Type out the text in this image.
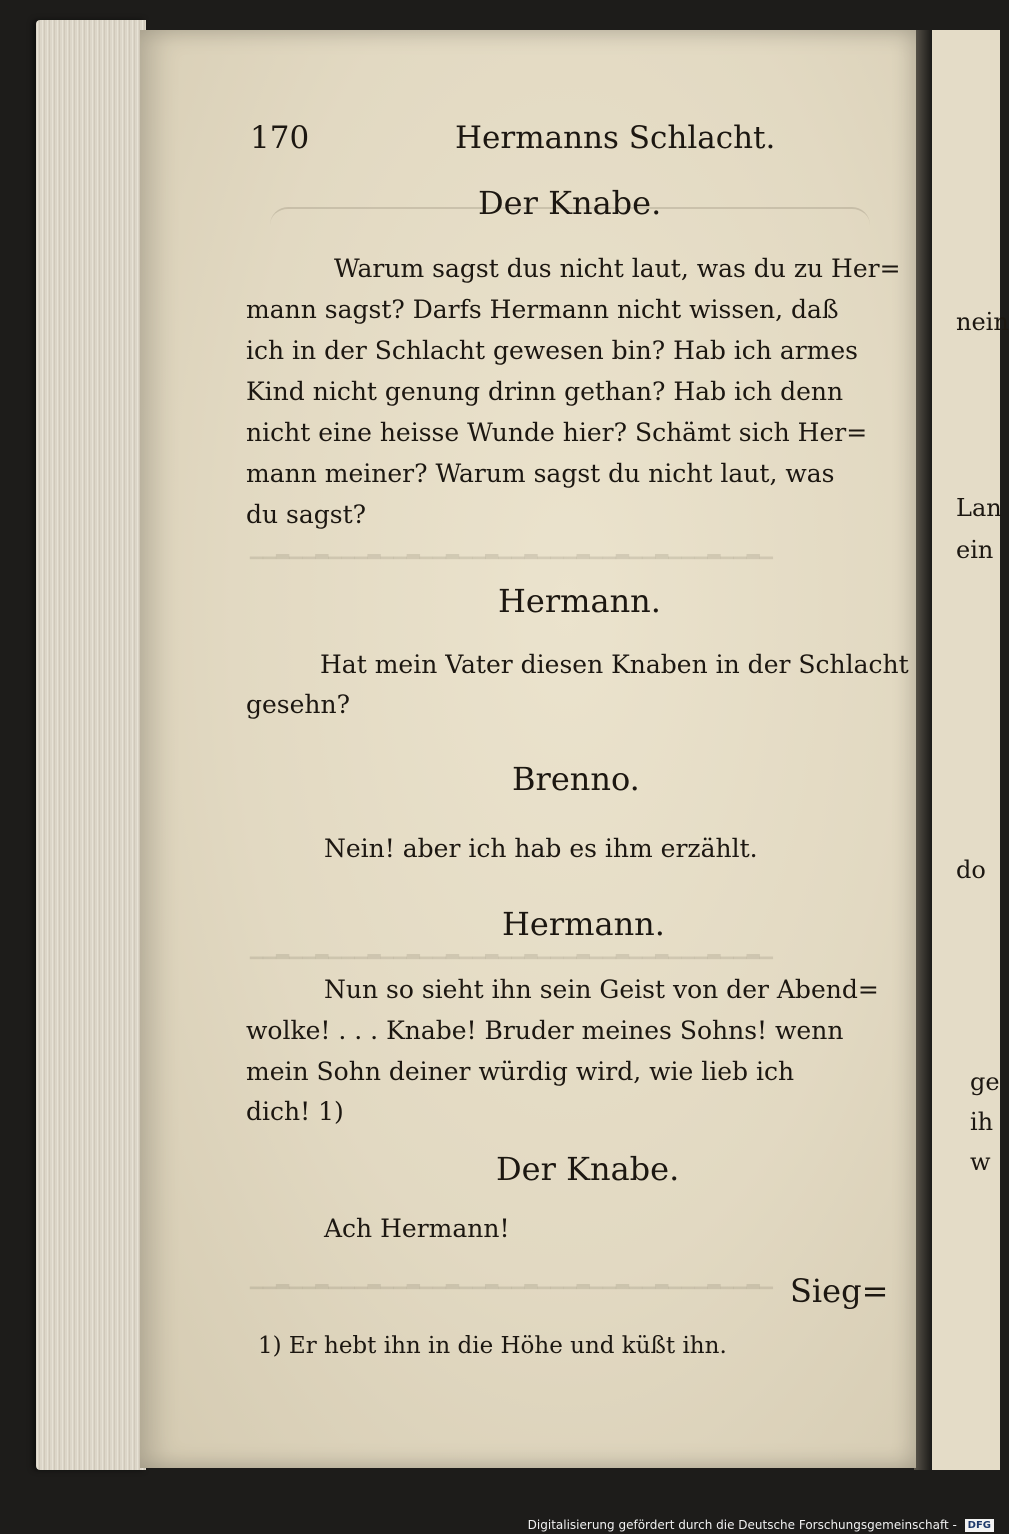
nein
Lan
ein
do
ge
ih
w
▁▂▁▁▂▁▁▁▂▁▁▂▁▁▂▁▁▁▂▁▁▂▁▁▂▁▁▂▁▁▂▁▁▁▂▁▁▂▁▁
▁▂▁▁▂▁▁▁▂▁▁▂▁▁▂▁▁▁▂▁▁▂▁▁▂▁▁▂▁▁▂▁▁▁▂▁▁▂▁▁
▁▂▁▁▂▁▁▁▂▁▁▂▁▁▂▁▁▁▂▁▁▂▁▁▂▁▁▂▁▁▂▁▁▁▂▁▁▂▁▁
170	Hermanns Schlacht.
Der Knabe.
Warum sagst dus nicht laut, was du zu Her=
mann sagst? Darfs Hermann nicht wissen, daß
ich in der Schlacht gewesen bin? Hab ich armes
Kind nicht genung drinn gethan? Hab ich denn
nicht eine heisse Wunde hier? Schämt sich Her=
mann meiner? Warum sagst du nicht laut, was
du sagst?
Hermann.
Hat mein Vater diesen Knaben in der Schlacht
gesehn?
Brenno.
Nein! aber ich hab es ihm erzählt.
Hermann.
Nun so sieht ihn sein Geist von der Abend=
wolke! . . . Knabe! Bruder meines Sohns! wenn
mein Sohn deiner würdig wird, wie lieb ich
dich! 1)
Der Knabe.
Ach Hermann!
Sieg=
1) Er hebt ihn in die Höhe und küßt ihn.
Digitalisierung gefördert durch die Deutsche Forschungsgemeinschaft - DFG
